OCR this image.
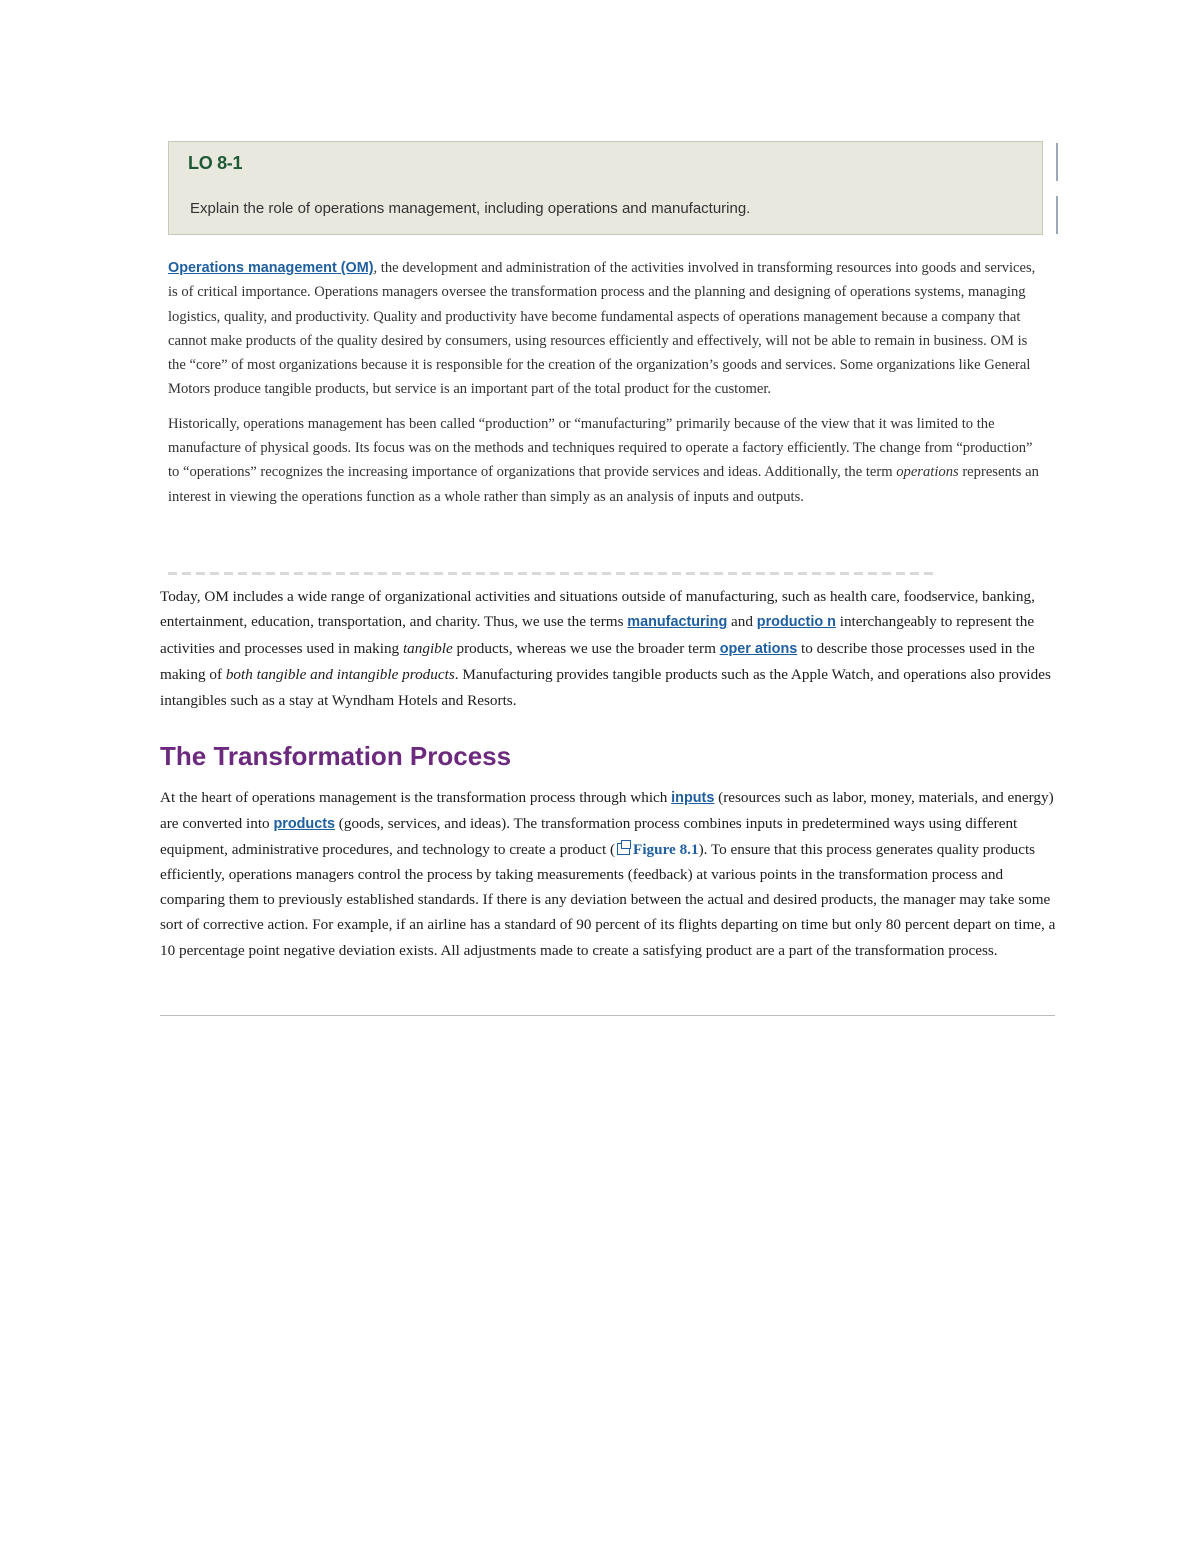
LO 8-1
Explain the role of operations management, including operations and manufacturing.

Operations management (OM), the development and administration of the activities involved in transforming resources into goods and services, is of critical importance. Operations managers oversee the transformation process and the planning and designing of operations systems, managing logistics, quality, and productivity. Quality and productivity have become fundamental aspects of operations management because a company that cannot make products of the quality desired by consumers, using resources efficiently and effectively, will not be able to remain in business. OM is the “core” of most organizations because it is responsible for the creation of the organization’s goods and services. Some organizations like General Motors produce tangible products, but service is an important part of the total product for the customer.

Historically, operations management has been called “production” or “manufacturing” primarily because of the view that it was limited to the manufacture of physical goods. Its focus was on the methods and techniques required to operate a factory efficiently. The change from “production” to “operations” recognizes the increasing importance of organizations that provide services and ideas. Additionally, the term operations represents an interest in viewing the operations function as a whole rather than simply as an analysis of inputs and outputs.

Today, OM includes a wide range of organizational activities and situations outside of manufacturing, such as health care, foodservice, banking, entertainment, education, transportation, and charity. Thus, we use the terms manufacturing and productio n interchangeably to represent the activities and processes used in making tangible products, whereas we use the broader term oper ations to describe those processes used in the making of both tangible and intangible products. Manufacturing provides tangible products such as the Apple Watch, and operations also provides intangibles such as a stay at Wyndham Hotels and Resorts.

The Transformation Process

At the heart of operations management is the transformation process through which inputs (resources such as labor, money, materials, and energy) are converted into products (goods, services, and ideas). The transformation process combines inputs in predetermined ways using different equipment, administrative procedures, and technology to create a product ( Figure 8.1). To ensure that this process generates quality products efficiently, operations managers control the process by taking measurements (feedback) at various points in the transformation process and comparing them to previously established standards. If there is any deviation between the actual and desired products, the manager may take some sort of corrective action. For example, if an airline has a standard of 90 percent of its flights departing on time but only 80 percent depart on time, a 10 percentage point negative deviation exists. All adjustments made to create a satisfying product are a part of the transformation process.
